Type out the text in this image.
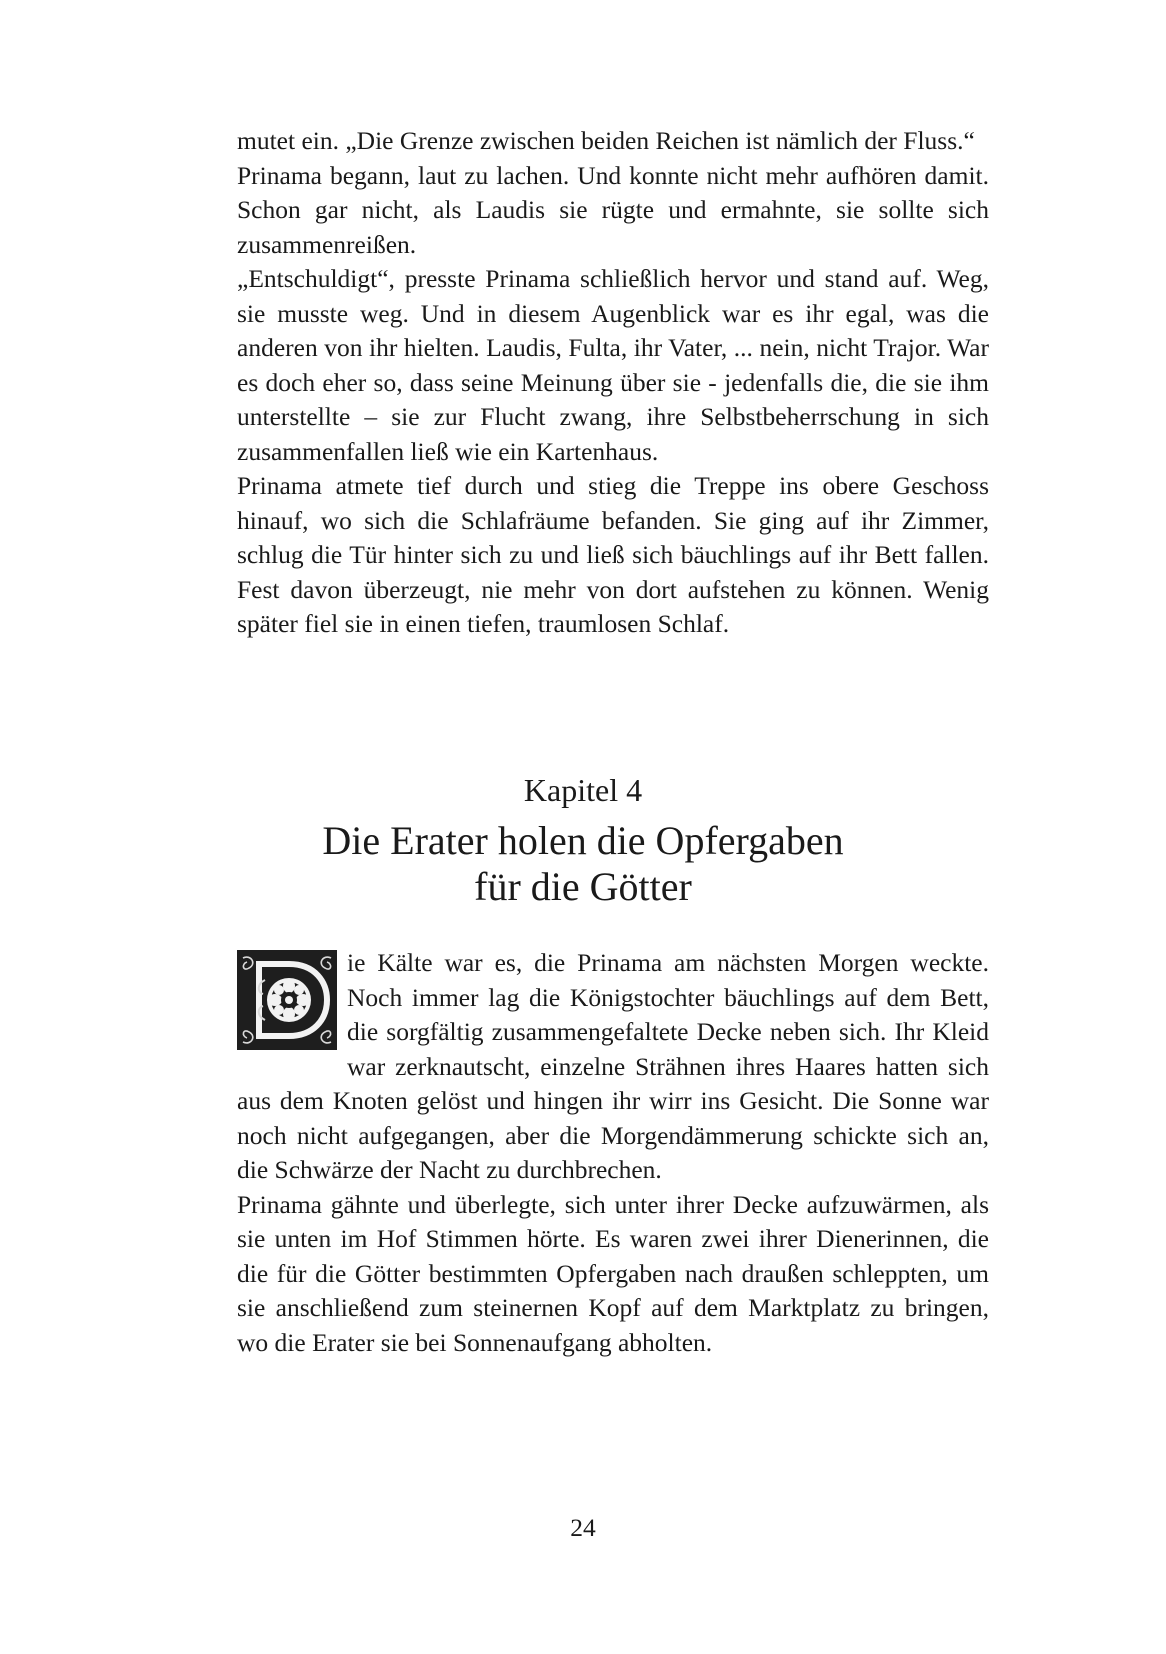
mutet ein. „Die Grenze zwischen beiden Reichen ist nämlich der Fluss.“

Prinama begann, laut zu lachen. Und konnte nicht mehr aufhören damit. Schon gar nicht, als Laudis sie rügte und ermahnte, sie sollte sich zusammenreißen.

„Entschuldigt“, presste Prinama schließlich hervor und stand auf. Weg, sie musste weg. Und in diesem Augenblick war es ihr egal, was die anderen von ihr hielten. Laudis, Fulta, ihr Vater, ... nein, nicht Trajor. War es doch eher so, dass seine Meinung über sie - jedenfalls die, die sie ihm unterstellte – sie zur Flucht zwang, ihre Selbstbeherrschung in sich zusammenfallen ließ wie ein Kartenhaus.

Prinama atmete tief durch und stieg die Treppe ins obere Geschoss hinauf, wo sich die Schlafräume befanden. Sie ging auf ihr Zimmer, schlug die Tür hinter sich zu und ließ sich bäuchlings auf ihr Bett fallen. Fest davon überzeugt, nie mehr von dort aufstehen zu können. Wenig später fiel sie in einen tiefen, traumlosen Schlaf.

Kapitel 4
Die Erater holen die Opfergaben
für die Götter

ie Kälte war es, die Prinama am nächsten Morgen weckte. Noch immer lag die Königstochter bäuchlings auf dem Bett, die sorgfältig zusammengefaltete Decke neben sich. Ihr Kleid war zerknautscht, einzelne Strähnen ihres Haares hatten sich aus dem Knoten gelöst und hingen ihr wirr ins Gesicht. Die Sonne war noch nicht aufgegangen, aber die Morgendämmerung schickte sich an, die Schwärze der Nacht zu durchbrechen.

Prinama gähnte und überlegte, sich unter ihrer Decke aufzuwärmen, als sie unten im Hof Stimmen hörte. Es waren zwei ihrer Dienerinnen, die die für die Götter bestimmten Opfergaben nach draußen schleppten, um sie anschließend zum steinernen Kopf auf dem Marktplatz zu bringen, wo die Erater sie bei Sonnenaufgang abholten.

24
